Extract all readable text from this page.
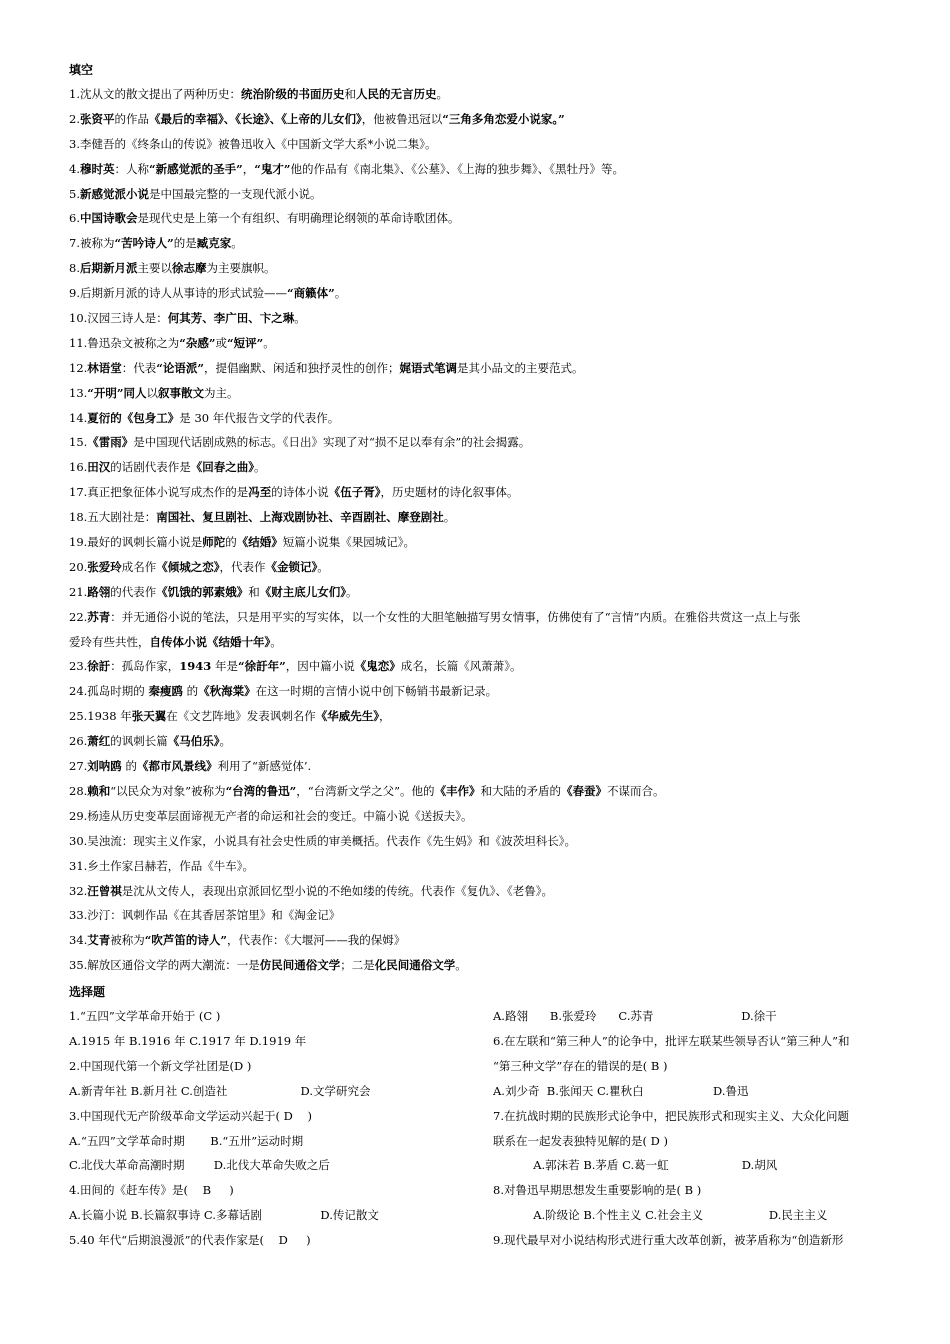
填空
1.沈从文的散文提出了两种历史：统治阶级的书面历史和人民的无言历史。
2.张资平的作品《最后的幸福》、《长途》、《上帝的儿女们》，他被鲁迅冠以“三角多角恋爱小说家。”
3.李健吾的《终条山的传说》被鲁迅收入《中国新文学大系*小说二集》。
4.穆时英：人称“新感觉派的圣手”，“鬼才”他的作品有《南北集》、《公墓》、《上海的独步舞》、《黑牡丹》等。
5.新感觉派小说是中国最完整的一支现代派小说。
6.中国诗歌会是现代史是上第一个有组织、有明确理论纲领的革命诗歌团体。
7.被称为“苦吟诗人”的是臧克家。
8.后期新月派主要以徐志摩为主要旗帜。
9.后期新月派的诗人从事诗的形式试验——“商籁体”。
10.汉园三诗人是：何其芳、李广田、卞之琳。
11.鲁迅杂文被称之为“杂感”或“短评”。
12.林语堂：代表“论语派”，提倡幽默、闲适和独抒灵性的创作；娓语式笔调是其小品文的主要范式。
13.“开明”同人以叙事散文为主。
14.夏衍的《包身工》是 30 年代报告文学的代表作。
15.《雷雨》是中国现代话剧成熟的标志。《日出》实现了对“损不足以奉有余”的社会揭露。
16.田汉的话剧代表作是《回春之曲》。
17.真正把象征体小说写成杰作的是冯至的诗体小说《伍子胥》，历史题材的诗化叙事体。
18.五大剧社是：南国社、复旦剧社、上海戏剧协社、辛酉剧社、摩登剧社。
19.最好的讽刺长篇小说是师陀的《结婚》短篇小说集《果园城记》。
20.张爱玲成名作《倾城之恋》，代表作《金锁记》。
21.路翎的代表作《饥饿的郭素娥》和《财主底儿女们》。
22.苏青：并无通俗小说的笔法，只是用平实的写实体，以一个女性的大胆笔触描写男女情事，仿佛使有了“言情”内质。在雅俗共赏这一点上与张
爱玲有些共性，自传体小说《结婚十年》。
23.徐訏：孤岛作家，1943 年是“徐訏年”，因中篇小说《鬼恋》成名，长篇《风萧萧》。
24.孤岛时期的 秦瘦鸥 的《秋海棠》在这一时期的言情小说中创下畅销书最新记录。
25.1938 年张天翼在《文艺阵地》发表讽刺名作《华威先生》，
26.萧红的讽刺长篇《马伯乐》。
27.刘呐鸥 的《都市风景线》利用了“新感觉体’.
28.赖和“以民众为对象”被称为“台湾的鲁迅”，“台湾新文学之父”。他的《丰作》和大陆的矛盾的《春蚕》不谋而合。
29.杨逵从历史变革层面谛视无产者的命运和社会的变迁。中篇小说《送扳夫》。
30.吴浊流：现实主义作家，小说具有社会史性质的审美概括。代表作《先生妈》和《波茨坦科长》。
31.乡土作家吕赫若，作品《牛车》。
32.汪曾祺是沈从文传人，表现出京派回忆型小说的不绝如缕的传统。代表作《复仇》、《老鲁》。
33.沙汀：讽刺作品《在其香居茶馆里》和《淘金记》
34.艾青被称为“吹芦笛的诗人”，代表作：《大堰河——我的保姆》
35.解放区通俗文学的两大潮流：一是仿民间通俗文学；二是化民间通俗文学。
选择题
1.“五四”文学革命开始于 (C )
A.1915 年 B.1916 年 C.1917 年 D.1919 年
2.中国现代第一个新文学社团是(D )
A.新青年社 B.新月社 C.创造社                    D.文学研究会
3.中国现代无产阶级革命文学运动兴起于( D    )
A.“五四”文学革命时期       B.“五卅”运动时期
C.北伐大革命高潮时期        D.北伐大革命失败之后
4.田间的《赶车传》是(    B     )
A.长篇小说 B.长篇叙事诗 C.多幕话剧                D.传记散文
5.40 年代“后期浪漫派”的代表作家是(    D     )
A.路翎      B.张爱玲      C.苏青                        D.徐干
6.在左联和“第三种人”的论争中，批评左联某些领导否认“第三种人”和
“第三种文学”存在的错误的是( B )
A.刘少奇  B.张闻天 C.瞿秋白                   D.鲁迅
7.在抗战时期的民族形式论争中，把民族形式和现实主义、大众化问题
联系在一起发表独特见解的是( D )
A.郭沫若 B.茅盾 C.葛一虹                    D.胡风
8.对鲁迅早期思想发生重要影响的是( B )
A.阶级论 B.个性主义 C.社会主义                  D.民主主义
9.现代最早对小说结构形式进行重大改革创新，被茅盾称为“创造新形
